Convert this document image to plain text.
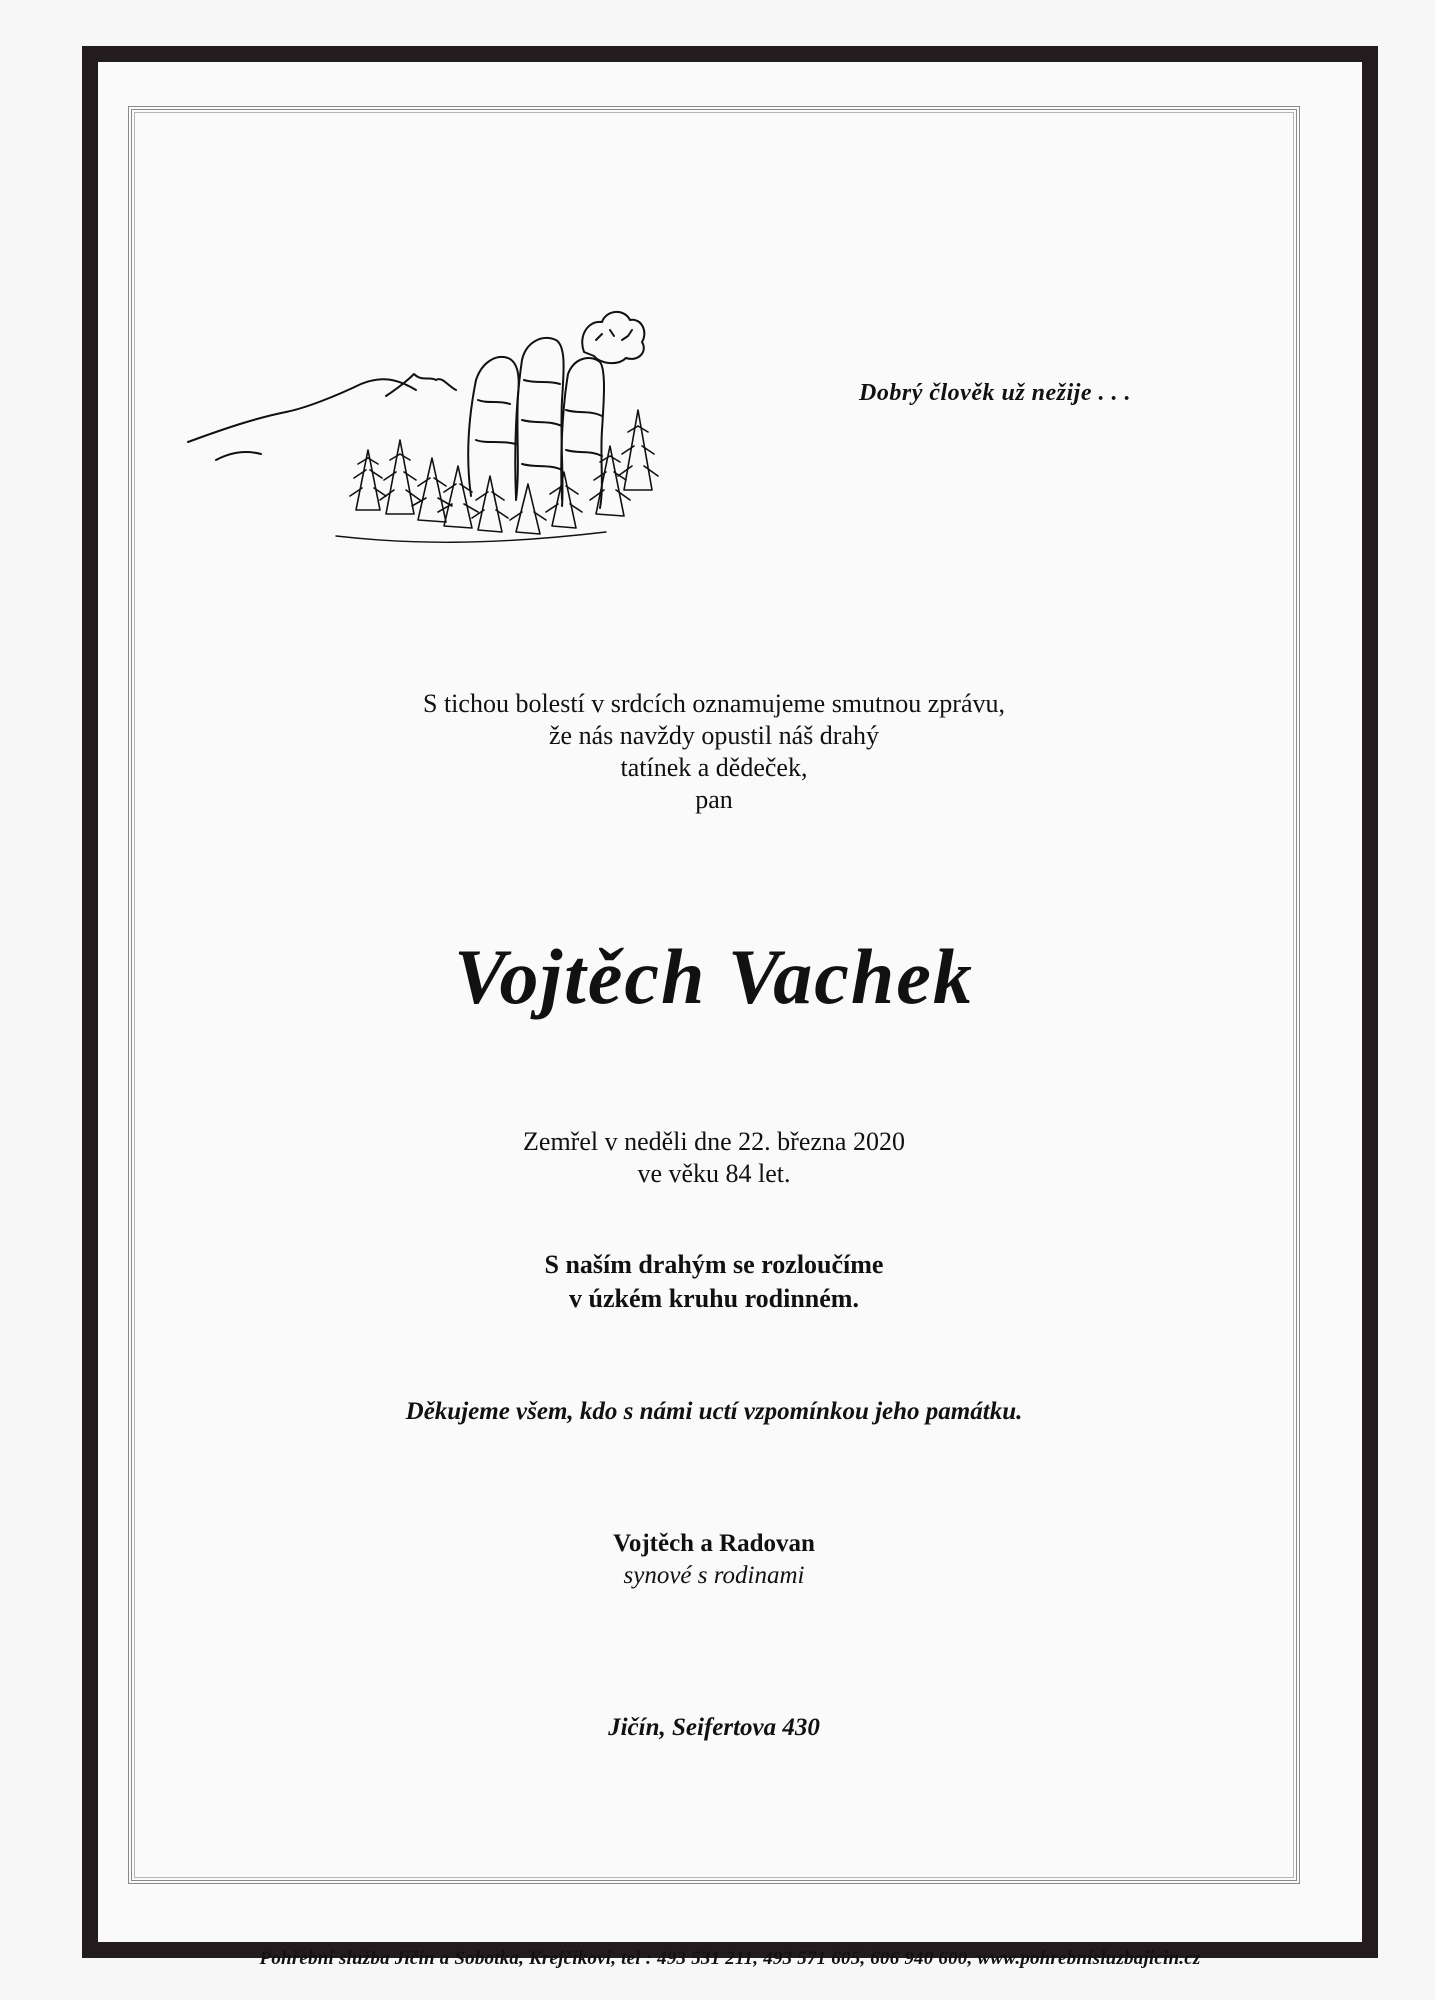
Dobrý člověk už nežije . . .
S tichou bolestí v srdcích oznamujeme smutnou zprávu,
že nás navždy opustil náš drahý
tatínek a dědeček,
pan
Vojtěch Vachek
Zemřel v neděli dne 22. března 2020
ve věku 84 let.
S naším drahým se rozloučíme
v úzkém kruhu rodinném.
Děkujeme všem, kdo s námi uctí vzpomínkou jeho památku.
Vojtěch a Radovan
synové s rodinami
Jičín, Seifertova 430
Pohřební služba Jičín a Sobotka, Krejčíkovi, tel : 493 531 211, 493 571 605, 606 940 600, www.pohrebnisluzbajicin.cz
